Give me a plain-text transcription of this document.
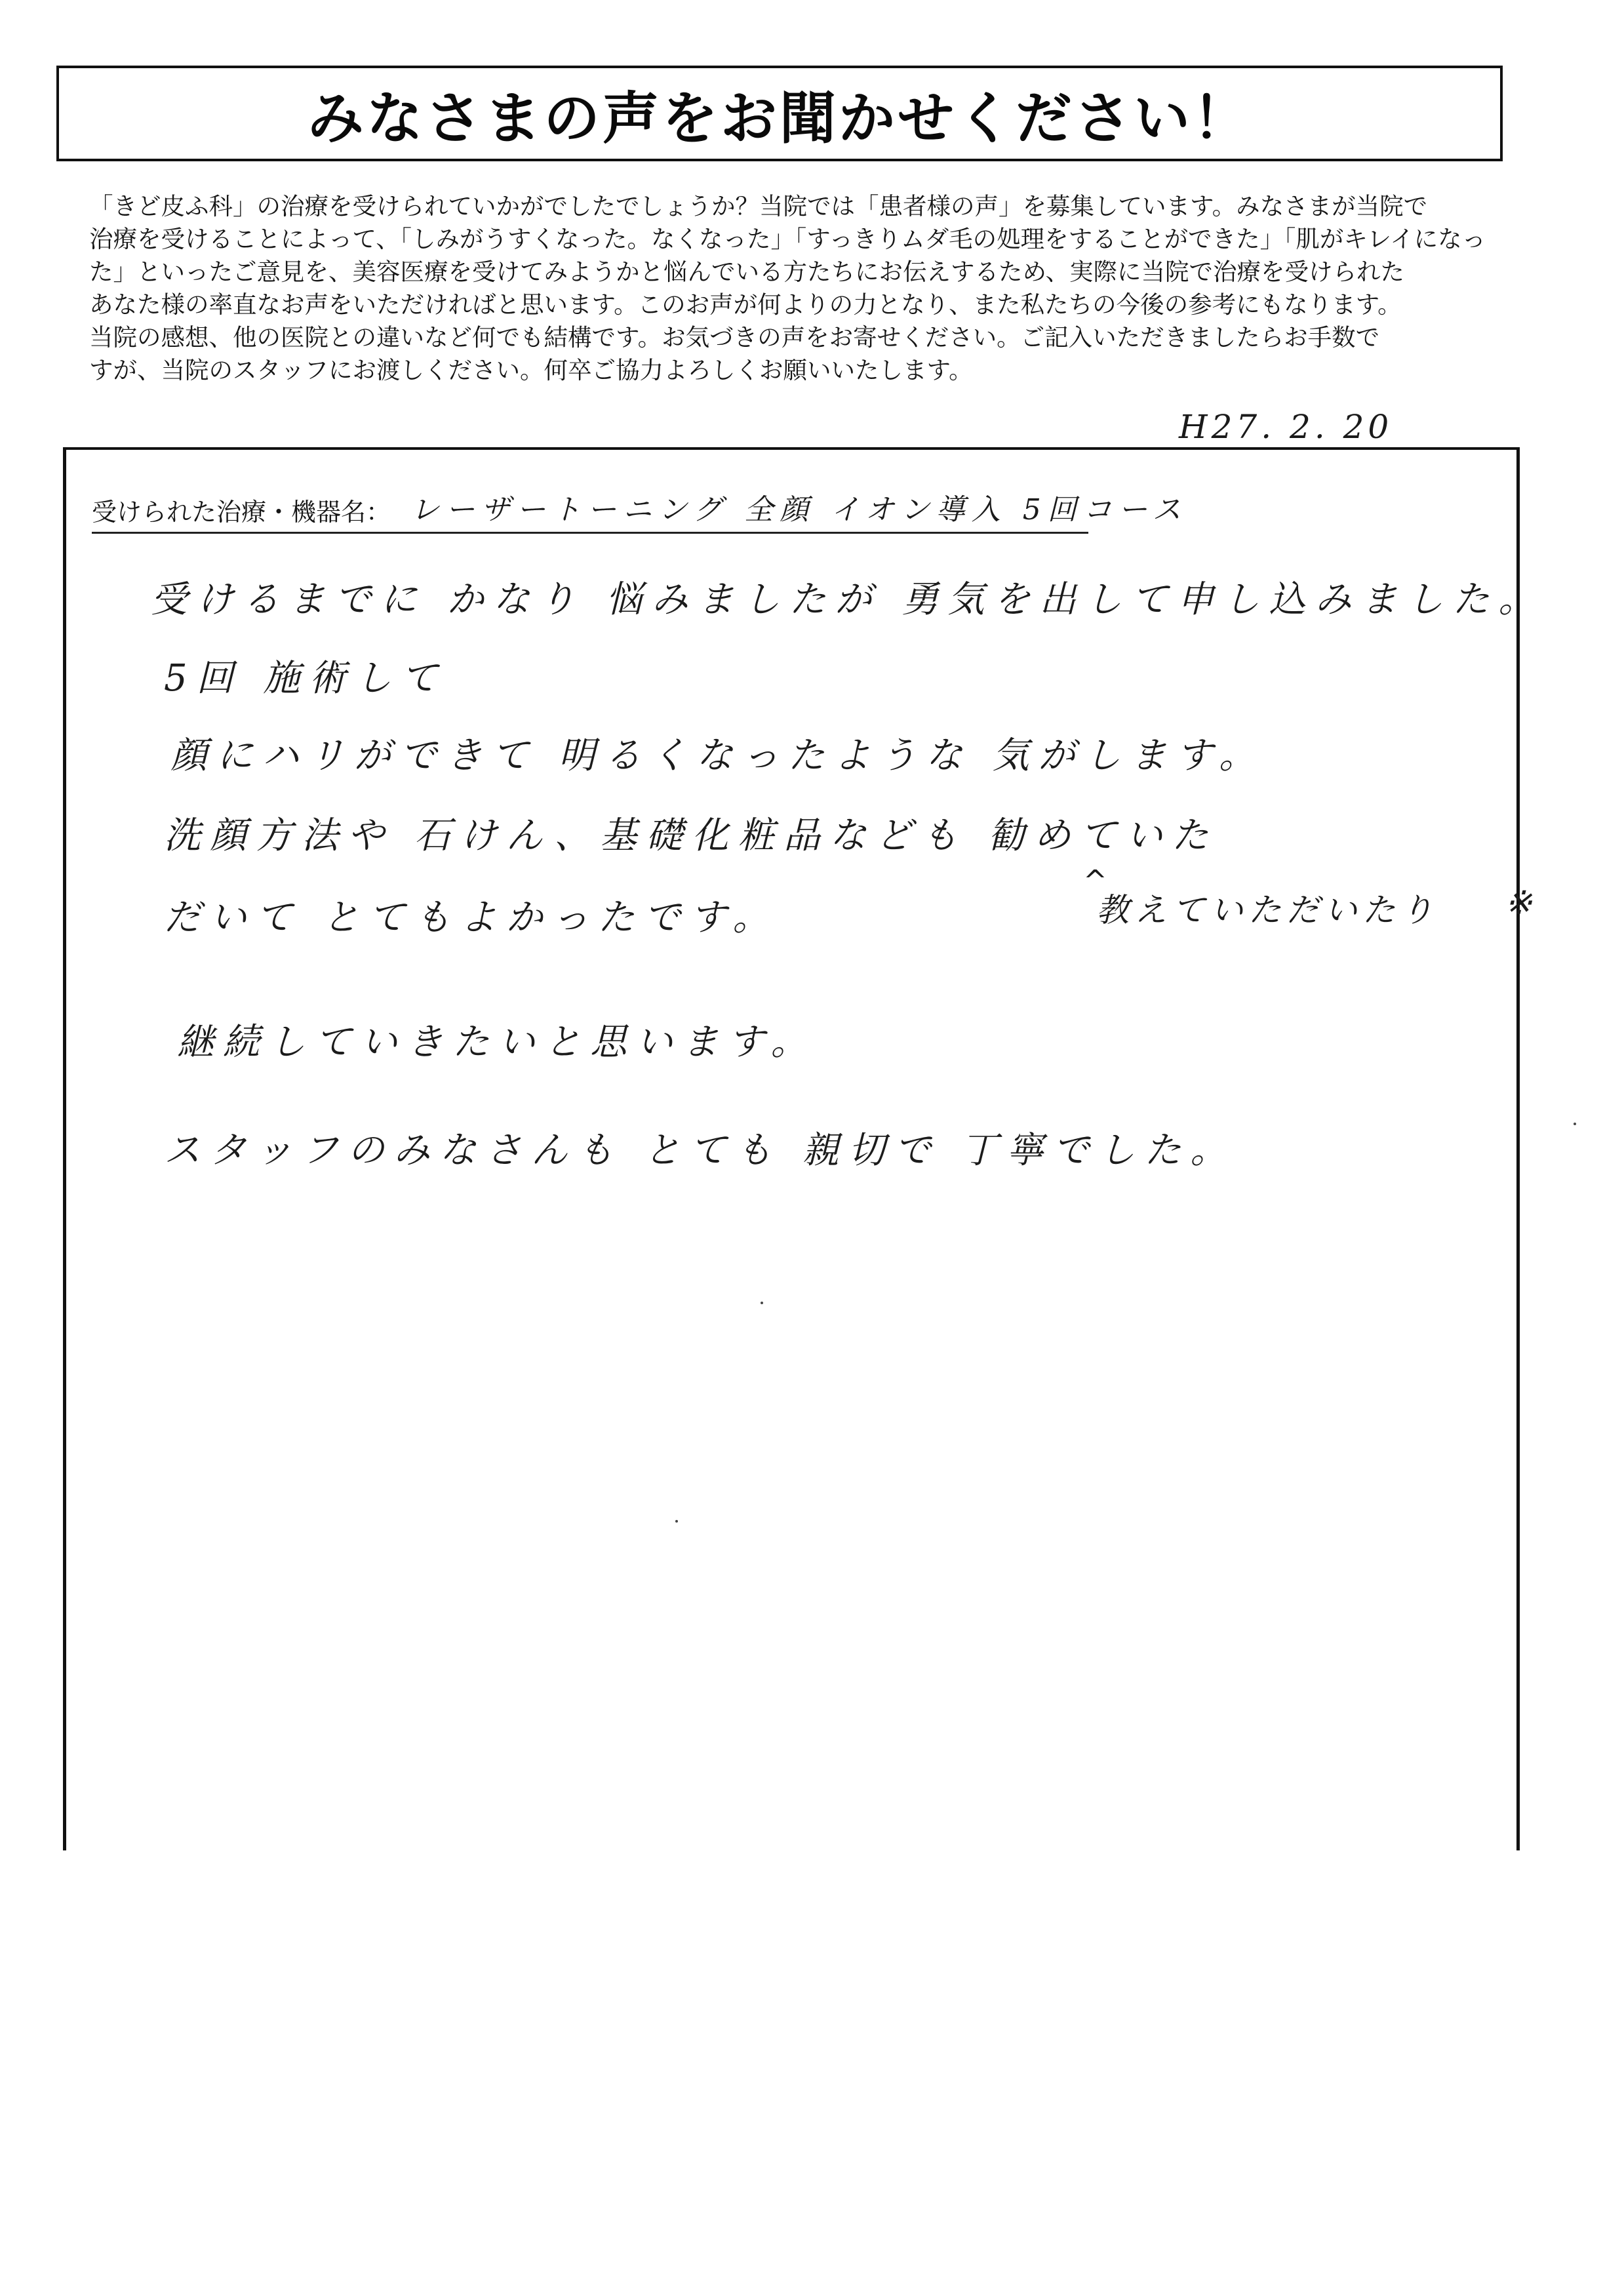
みなさまの声をお聞かせください！
「きど皮ふ科」の治療を受けられていかがでしたでしょうか？当院では「患者様の声」を募集しています。みなさまが当院で
治療を受けることによって、「しみがうすくなった。なくなった」「すっきりムダ毛の処理をすることができた」「肌がキレイになっ
た」といったご意見を、美容医療を受けてみようかと悩んでいる方たちにお伝えするため、実際に当院で治療を受けられた
あなた様の率直なお声をいただければと思います。このお声が何よりの力となり、また私たちの今後の参考にもなります。
当院の感想、他の医院との違いなど何でも結構です。お気づきの声をお寄せください。ご記入いただきましたらお手数で
すが、当院のスタッフにお渡しください。何卒ご協力よろしくお願いいたします。
H27. 2. 20
受けられた治療・機器名： レーザートーニング 全顔 イオン導入 5回コース
受けるまでに かなり 悩みましたが 勇気を出して申し込みました。
5回 施術して
顔にハリができて 明るくなったような 気がします。
洗顔方法や 石けん、基礎化粧品なども 勧めていた
だいて とてもよかったです。
^
教えていただいたり ※
継続していきたいと思います。
スタッフのみなさんも とても 親切で 丁寧でした。
